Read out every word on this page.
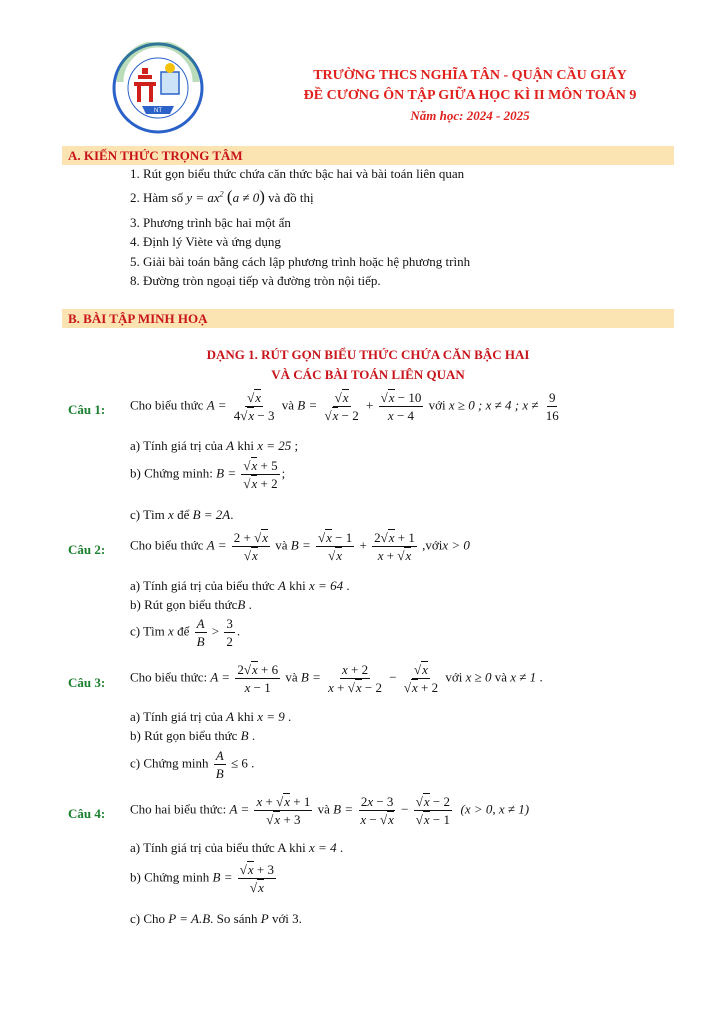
NT
TRƯỜNG THCS NGHĨA TÂN - QUẬN CẦU GIẤY
ĐỀ CƯƠNG ÔN TẬP GIỮA HỌC KÌ II MÔN TOÁN 9
Năm học: 2024 - 2025
A. KIẾN THỨC TRỌNG TÂM
1. Rút gọn biểu thức chứa căn thức bậc hai và bài toán liên quan
2. Hàm số $y = ax^2$ (a ≠ 0) và đồ thị
3. Phương trình bậc hai một ẩn
4. Định lý Viète và ứng dụng
5. Giải bài toán bằng cách lập phương trình hoặc hệ phương trình
8. Đường tròn ngoại tiếp và đường tròn nội tiếp.
B. BÀI TẬP MINH HOẠ
DẠNG 1. RÚT GỌN BIỂU THỨC CHỨA CĂN BẬC HAI
VÀ CÁC BÀI TOÁN LIÊN QUAN
Câu 1: Cho biểu thức $A = \frac{√x}{4√x - 3}$ và $B = \frac{√x}{√x - 2} + \frac{√x - 10}{x - 4}$ với x ≥ 0 ; x ≠ 4 ; $x \ne \frac{9}{16}$
a) Tính giá trị của A khi x = 25 ;
b) Chứng minh: $B = \frac{√x + 5}{√x + 2}$ ;
c) Tìm x để B = 2A.
Câu 2: Cho biểu thức $A = \frac{2 + √x}{√x}$ và $B = \frac{√x - 1}{√x} + \frac{2√x + 1}{x + √x}$ ,vớix > 0
a) Tính giá trị của biểu thức A khi x = 64 .
b) Rút gọn biểu thứcB .
c) Tìm x để $\frac{A}{B} > \frac{3}{2}$ .
Câu 3: Cho biểu thức: $A = \frac{2√x + 6}{x - 1}$ và $B = \frac{x + 2}{x + √x - 2} - \frac{√x}{√x + 2}$ với x ≥ 0 và x ≠ 1 .
a) Tính giá trị của A khi x = 9 .
b) Rút gọn biểu thức B .
c) Chứng minh $\frac{A}{B} \le 6$ .
Câu 4: Cho hai biểu thức: $A = \frac{x + √x + 1}{√x + 3}$ và $B = \frac{2x - 3}{x - √x} - \frac{√x - 2}{√x - 1} (x > 0$, x ≠ 1)
a) Tính giá trị của biểu thức A khi x = 4 .
b) Chứng minh $B = \frac{√x + 3}{√x}$
c) Cho P = A.B. So sánh P với 3.
